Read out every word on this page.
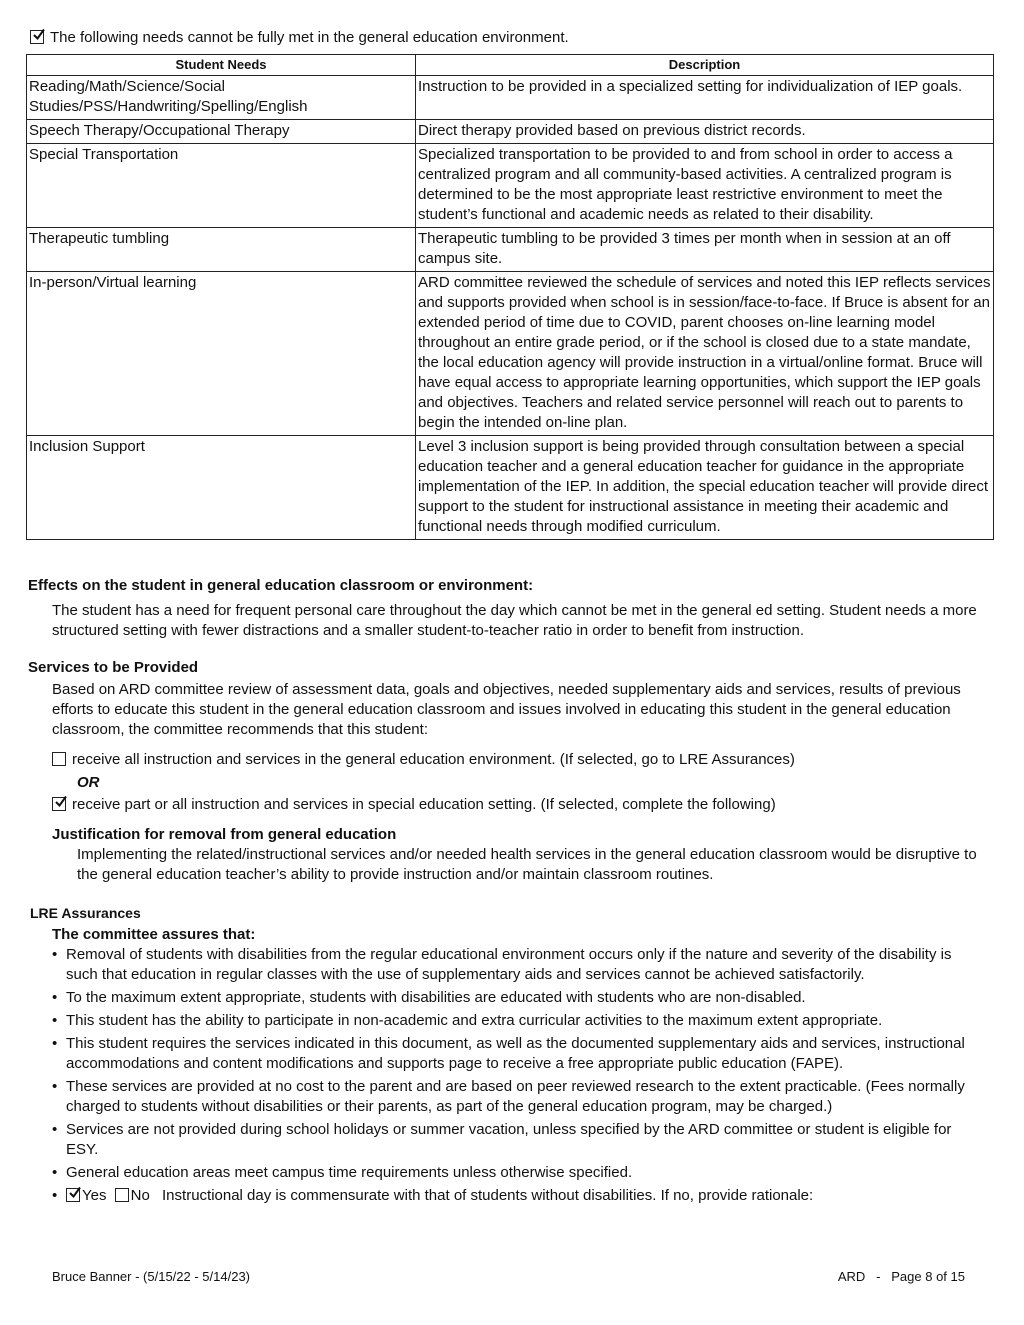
The following needs cannot be fully met in the general education environment.
Student Needs	Description
Reading/Math/Science/Social Studies/PSS/Handwriting/Spelling/English	Instruction to be provided in a specialized setting for individualization of IEP goals.
Speech Therapy/Occupational Therapy	Direct therapy provided based on previous district records.
Special Transportation	Specialized transportation to be provided to and from school in order to access a centralized program and all community-based activities. A centralized program is determined to be the most appropriate least restrictive environment to meet the student’s functional and academic needs as related to their disability.
Therapeutic tumbling	Therapeutic tumbling to be provided 3 times per month when in session at an off campus site.
In-person/Virtual learning	ARD committee reviewed the schedule of services and noted this IEP reflects services and supports provided when school is in session/face-to-face. If Bruce is absent for an extended period of time due to COVID, parent chooses on-line learning model throughout an entire grade period, or if the school is closed due to a state mandate, the local education agency will provide instruction in a virtual/online format. Bruce will have equal access to appropriate learning opportunities, which support the IEP goals and objectives. Teachers and related service personnel will reach out to parents to begin the intended on-line plan.
Inclusion Support	Level 3 inclusion support is being provided through consultation between a special education teacher and a general education teacher for guidance in the appropriate implementation of the IEP. In addition, the special education teacher will provide direct support to the student for instructional assistance in meeting their academic and functional needs through modified curriculum.
Effects on the student in general education classroom or environment:
The student has a need for frequent personal care throughout the day which cannot be met in the general ed setting. Student needs a more structured setting with fewer distractions and a smaller student-to-teacher ratio in order to benefit from instruction.
Services to be Provided
Based on ARD committee review of assessment data, goals and objectives, needed supplementary aids and services, results of previous efforts to educate this student in the general education classroom and issues involved in educating this student in the general education classroom, the committee recommends that this student:
receive all instruction and services in the general education environment. (If selected, go to LRE Assurances)
OR
receive part or all instruction and services in special education setting. (If selected, complete the following)
Justification for removal from general education
Implementing the related/instructional services and/or needed health services in the general education classroom would be disruptive to the general education teacher’s ability to provide instruction and/or maintain classroom routines.
LRE Assurances
The committee assures that:
• Removal of students with disabilities from the regular educational environment occurs only if the nature and severity of the disability is such that education in regular classes with the use of supplementary aids and services cannot be achieved satisfactorily.
• To the maximum extent appropriate, students with disabilities are educated with students who are non-disabled.
• This student has the ability to participate in non-academic and extra curricular activities to the maximum extent appropriate.
• This student requires the services indicated in this document, as well as the documented supplementary aids and services, instructional accommodations and content modifications and supports page to receive a free appropriate public education (FAPE).
• These services are provided at no cost to the parent and are based on peer reviewed research to the extent practicable. (Fees normally charged to students without disabilities or their parents, as part of the general education program, may be charged.)
• Services are not provided during school holidays or summer vacation, unless specified by the ARD committee or student is eligible for ESY.
• General education areas meet campus time requirements unless otherwise specified.
• Yes No Instructional day is commensurate with that of students without disabilities. If no, provide rationale:
Bruce Banner - (5/15/22 - 5/14/23)	ARD   -   Page 8 of 15
